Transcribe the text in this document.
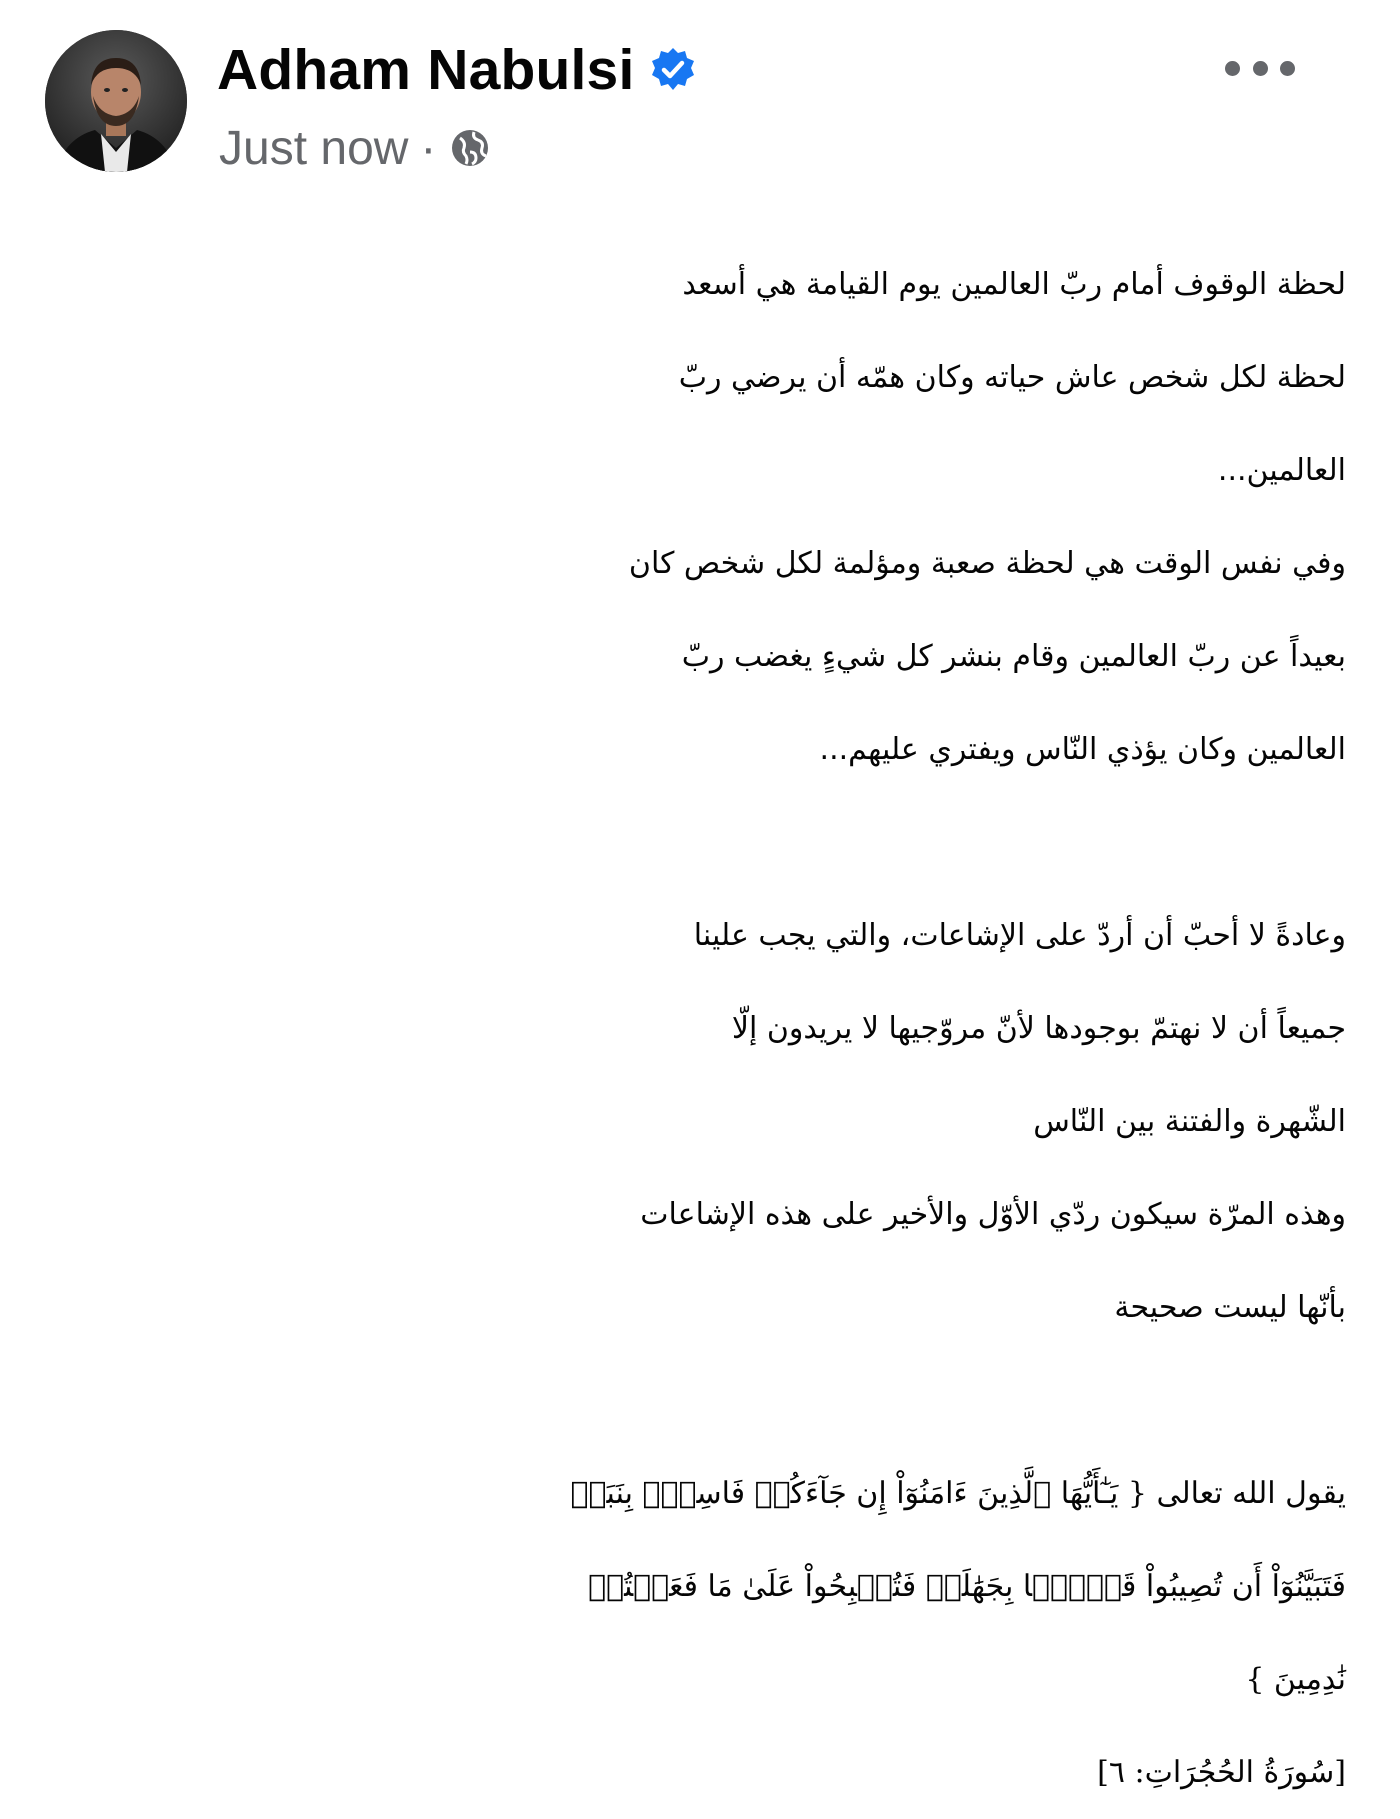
Adham Nabulsi
Just now ·
لحظة الوقوف أمام ربّ العالمين يوم القيامة هي أسعد
لحظة لكل شخص عاش حياته وكان همّه أن يرضي ربّ
العالمين...
وفي نفس الوقت هي لحظة صعبة ومؤلمة لكل شخص كان
بعيداً عن ربّ العالمين وقام بنشر كل شيءٍ يغضب ربّ
العالمين وكان يؤذي النّاس ويفتري عليهم...
وعادةً لا أحبّ أن أردّ على الإشاعات، والتي يجب علينا
جميعاً أن لا نهتمّ بوجودها لأنّ مروّجيها لا يريدون إلّا
الشّهرة والفتنة بين النّاس
وهذه المرّة سيكون ردّي الأوّل والأخير على هذه الإشاعات
بأنّها ليست صحيحة
يقول الله تعالى { يَـٰٓأَيُّهَا ٱلَّذِينَ ءَامَنُوٓاْ إِن جَآءَكُمۡ فَاسِقُۢ بِنَبَإٖ
فَتَبَيَّنُوٓاْ أَن تُصِيبُواْ قَوۡمَۢا بِجَهَٰلَةٖ فَتُصۡبِحُواْ عَلَىٰ مَا فَعَلۡتُمۡ
نَٰدِمِينَ }
[سُورَةُ الحُجُرَاتِ: ٦]
